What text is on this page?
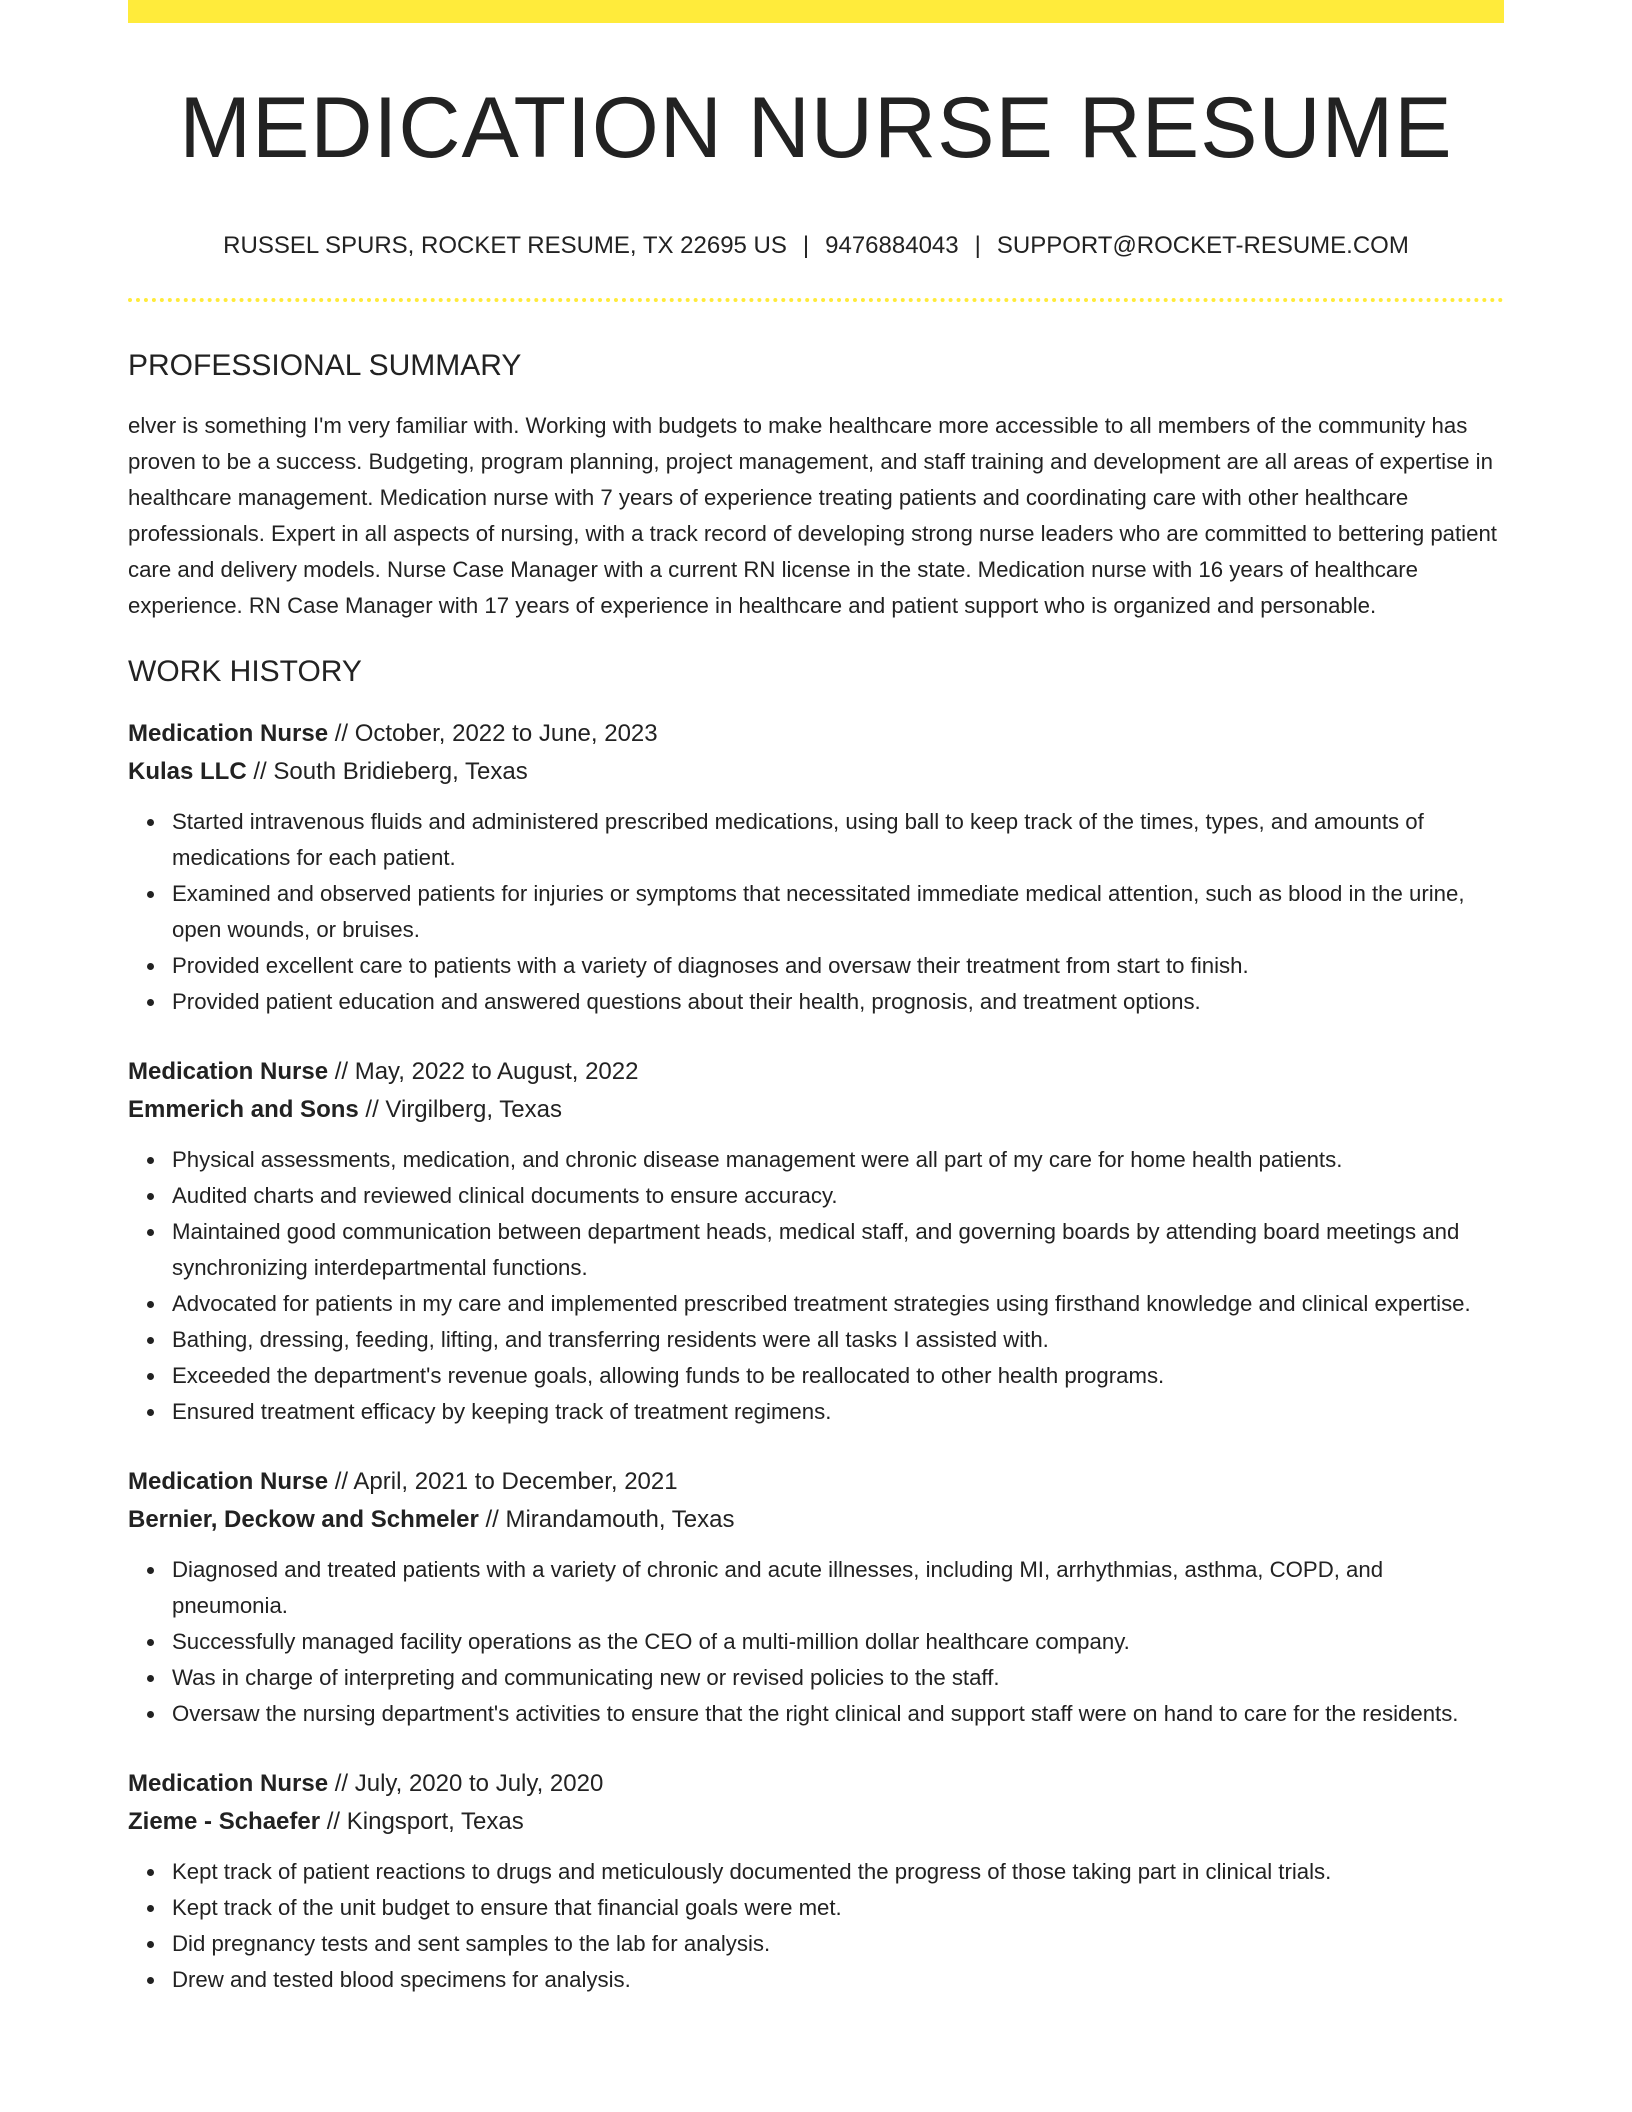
MEDICATION NURSE RESUME
RUSSEL SPURS, ROCKET RESUME, TX 22695 US | 9476884043 | SUPPORT@ROCKET-RESUME.COM
PROFESSIONAL SUMMARY

elver is something I'm very familiar with. Working with budgets to make healthcare more accessible to all members of the community has proven to be a success. Budgeting, program planning, project management, and staff training and development are all areas of expertise in healthcare management. Medication nurse with 7 years of experience treating patients and coordinating care with other healthcare professionals. Expert in all aspects of nursing, with a track record of developing strong nurse leaders who are committed to bettering patient care and delivery models. Nurse Case Manager with a current RN license in the state. Medication nurse with 16 years of healthcare experience. RN Case Manager with 17 years of experience in healthcare and patient support who is organized and personable.

WORK HISTORY
Medication Nurse // October, 2022 to June, 2023
Kulas LLC // South Bridieberg, Texas
Started intravenous fluids and administered prescribed medications, using ball to keep track of the times, types, and amounts of medications for each patient.
Examined and observed patients for injuries or symptoms that necessitated immediate medical attention, such as blood in the urine, open wounds, or bruises.
Provided excellent care to patients with a variety of diagnoses and oversaw their treatment from start to finish.
Provided patient education and answered questions about their health, prognosis, and treatment options.
Medication Nurse // May, 2022 to August, 2022
Emmerich and Sons // Virgilberg, Texas
Physical assessments, medication, and chronic disease management were all part of my care for home health patients.
Audited charts and reviewed clinical documents to ensure accuracy.
Maintained good communication between department heads, medical staff, and governing boards by attending board meetings and synchronizing interdepartmental functions.
Advocated for patients in my care and implemented prescribed treatment strategies using firsthand knowledge and clinical expertise.
Bathing, dressing, feeding, lifting, and transferring residents were all tasks I assisted with.
Exceeded the department's revenue goals, allowing funds to be reallocated to other health programs.
Ensured treatment efficacy by keeping track of treatment regimens.
Medication Nurse // April, 2021 to December, 2021
Bernier, Deckow and Schmeler // Mirandamouth, Texas
Diagnosed and treated patients with a variety of chronic and acute illnesses, including MI, arrhythmias, asthma, COPD, and pneumonia.
Successfully managed facility operations as the CEO of a multi-million dollar healthcare company.
Was in charge of interpreting and communicating new or revised policies to the staff.
Oversaw the nursing department's activities to ensure that the right clinical and support staff were on hand to care for the residents.
Medication Nurse // July, 2020 to July, 2020
Zieme - Schaefer // Kingsport, Texas
Kept track of patient reactions to drugs and meticulously documented the progress of those taking part in clinical trials.
Kept track of the unit budget to ensure that financial goals were met.
Did pregnancy tests and sent samples to the lab for analysis.
Drew and tested blood specimens for analysis.
